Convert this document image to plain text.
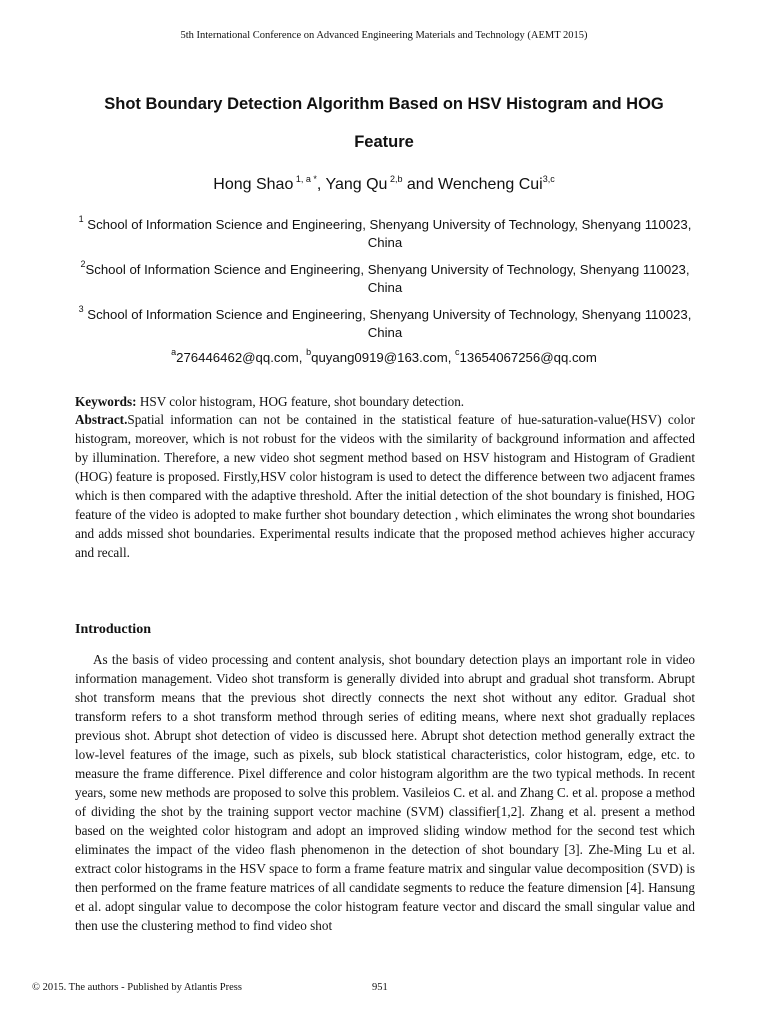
5th International Conference on Advanced Engineering Materials and Technology (AEMT 2015)
Shot Boundary Detection Algorithm Based on HSV Histogram and HOG
Feature
Hong Shao $^{1, a *}$, Yang Qu $^{2,b}$ and Wencheng Cui$^{3,c}$
$^1$ School of Information Science and Engineering, Shenyang University of Technology, Shenyang 110023, China
$^2$School of Information Science and Engineering, Shenyang University of Technology, Shenyang 110023, China
$^3$ School of Information Science and Engineering, Shenyang University of Technology, Shenyang 110023, China
$^a$276446462@qq.com, $^b$quyang0919@163.com, $^c$13654067256@qq.com
Keywords: HSV color histogram, HOG feature, shot boundary detection.
Abstract.Spatial information can not be contained in the statistical feature of hue-saturation-value(HSV) color histogram, moreover, which is not robust for the videos with the similarity of background information and affected by illumination. Therefore, a new video shot segment method based on HSV histogram and Histogram of Gradient (HOG) feature is proposed. Firstly,HSV color histogram is used to detect the difference between two adjacent frames which is then compared with the adaptive threshold. After the initial detection of the shot boundary is finished, HOG feature of the video is adopted to make further shot boundary detection , which eliminates the wrong shot boundaries and adds missed shot boundaries. Experimental results indicate that the proposed method achieves higher accuracy and recall.
Introduction
As the basis of video processing and content analysis, shot boundary detection plays an important role in video information management. Video shot transform is generally divided into abrupt and gradual shot transform. Abrupt shot transform means that the previous shot directly connects the next shot without any editor. Gradual shot transform refers to a shot transform method through series of editing means, where next shot gradually replaces previous shot. Abrupt shot detection of video is discussed here. Abrupt shot detection method generally extract the low-level features of the image, such as pixels, sub block statistical characteristics, color histogram, edge, etc. to measure the frame difference. Pixel difference and color histogram algorithm are the two typical methods. In recent years, some new methods are proposed to solve this problem. Vasileios C. et al. and Zhang C. et al. propose a method of dividing the shot by the training support vector machine (SVM) classifier[1,2]. Zhang et al. present a method based on the weighted color histogram and adopt an improved sliding window method for the second test which eliminates the impact of the video flash phenomenon in the detection of shot boundary [3]. Zhe-Ming Lu et al. extract color histograms in the HSV space to form a frame feature matrix and singular value decomposition (SVD) is then performed on the frame feature matrices of all candidate segments to reduce the feature dimension [4]. Hansung et al. adopt singular value to decompose the color histogram feature vector and discard the small singular value and then use the clustering method to find video shot
© 2015. The authors - Published by Atlantis Press	951
